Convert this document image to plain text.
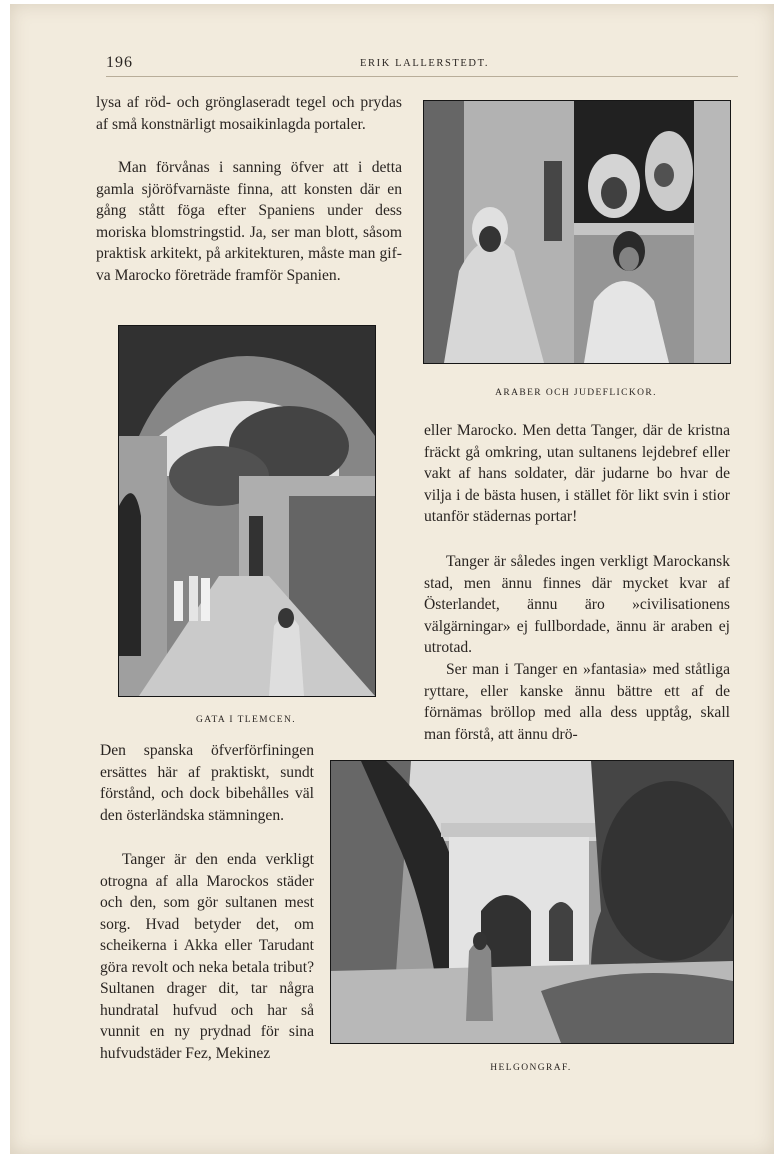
196	ERIK LALLERSTEDT.

lysa af röd- och grönglaseradt tegel och prydas af små konstnärligt mosaikinlagda portaler.

Man förvånas i sanning öfver att i detta gamla sjöröfvarnäste finna, att konsten där en gång stått föga efter Spaniens under dess moriska blomstringstid. Ja, ser man blott, såsom praktisk arkitekt, på arkitekturen, måste man gifva Marocko företräde framför Spanien.

ARABER OCH JUDEFLICKOR.
GATA I TLEMCEN.

eller Marocko. Men detta Tanger, där de kristna fräckt gå omkring, utan sultanens lejdebref eller vakt af hans soldater, där judarne bo hvar de vilja i de bästa husen, i stället för likt svin i stior utanför städernas portar!

Tanger är således ingen verkligt Marockansk stad, men ännu finnes där mycket kvar af Österlandet, ännu äro »civilisationens välgärningar» ej fullbordade, ännu är araben ej utrotad.

Ser man i Tanger en »fantasia» med ståtliga ryttare, eller kanske ännu bättre ett af de förnämas bröllop med alla dess upptåg, skall man förstå, att ännu drö-

Den spanska öfverförfiningen ersättes här af praktiskt, sundt förstånd, och dock bibehålles väl den österländska stämningen.

Tanger är den enda verkligt otrogna af alla Marockos städer och den, som gör sultanen mest sorg. Hvad betyder det, om scheikerna i Akka eller Tarudant göra revolt och neka betala tribut? Sultanen drager dit, tar några hundratal hufvud och har så vunnit en ny prydnad för sina hufvudstäder Fez, Mekinez

HELGONGRAF.
